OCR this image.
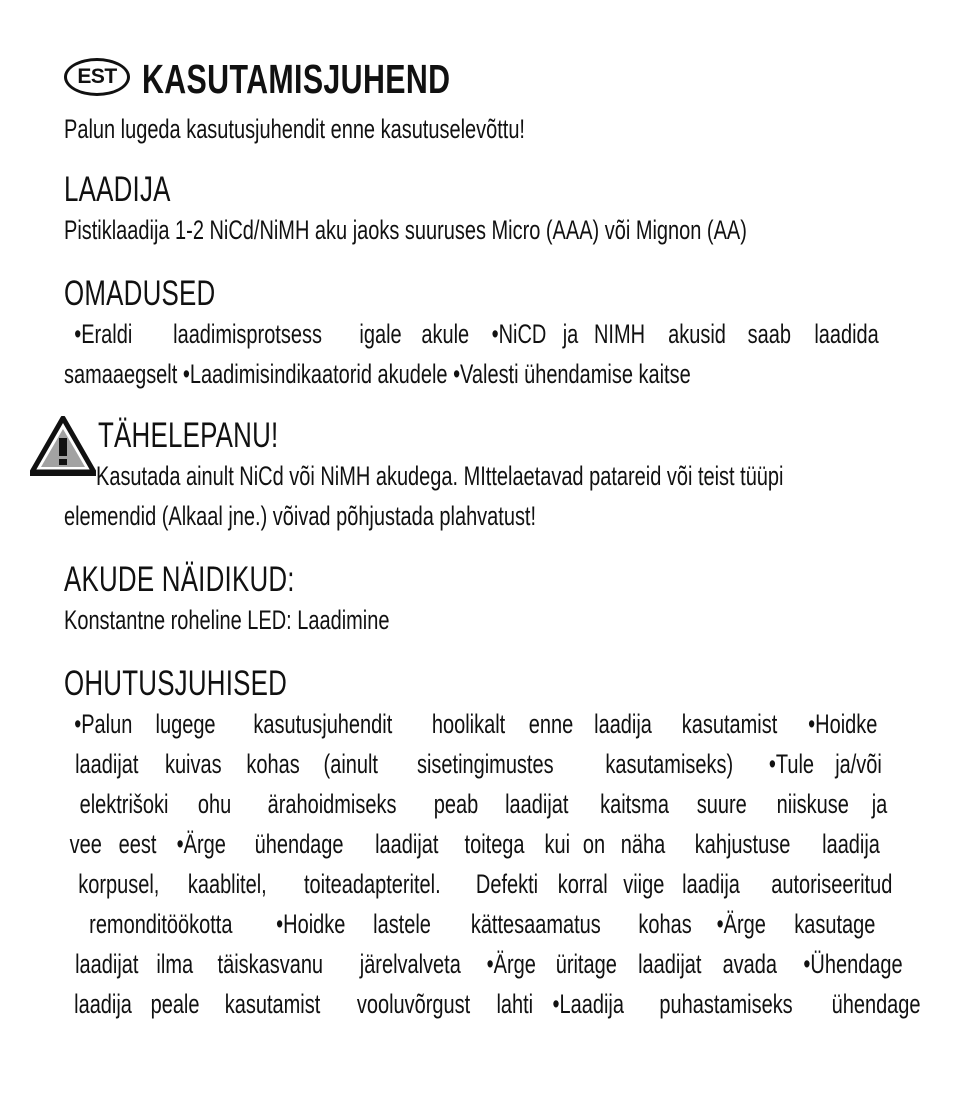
EST KASUTAMISJUHEND
Palun lugeda kasutusjuhendit enne kasutuselevõttu!
LAADIJA
Pistiklaadija 1-2 NiCd/NiMH aku jaoks suuruses Micro (AAA) või Mignon (AA)
OMADUSED
•Eraldi laadimisprotsess igale akule •NiCD ja NIMH akusid saab laadida
samaaegselt •Laadimisindikaatorid akudele •Valesti ühendamise kaitse
TÄHELEPANU!
Kasutada ainult NiCd või NiMH akudega. MIttelaetavad patareid või teist tüüpi
elemendid (Alkaal jne.) võivad põhjustada plahvatust!
AKUDE NÄIDIKUD:
Konstantne roheline LED: Laadimine
OHUTUSJUHISED
•Palun lugege kasutusjuhendit hoolikalt enne laadija kasutamist •Hoidke
laadijat kuivas kohas (ainult sisetingimustes kasutamiseks) •Tule ja/või
elektrišoki ohu ärahoidmiseks peab laadijat kaitsma suure niiskuse ja
vee eest •Ärge ühendage laadijat toitega kui on näha kahjustuse laadija
korpusel, kaablitel, toiteadapteritel. Defekti korral viige laadija autoriseeritud
remonditöökotta •Hoidke lastele kättesaamatus kohas •Ärge kasutage
laadijat ilma täiskasvanu järelvalveta •Ärge üritage laadijat avada •Ühendage
laadija peale kasutamist vooluvõrgust lahti •Laadija puhastamiseks ühendage
